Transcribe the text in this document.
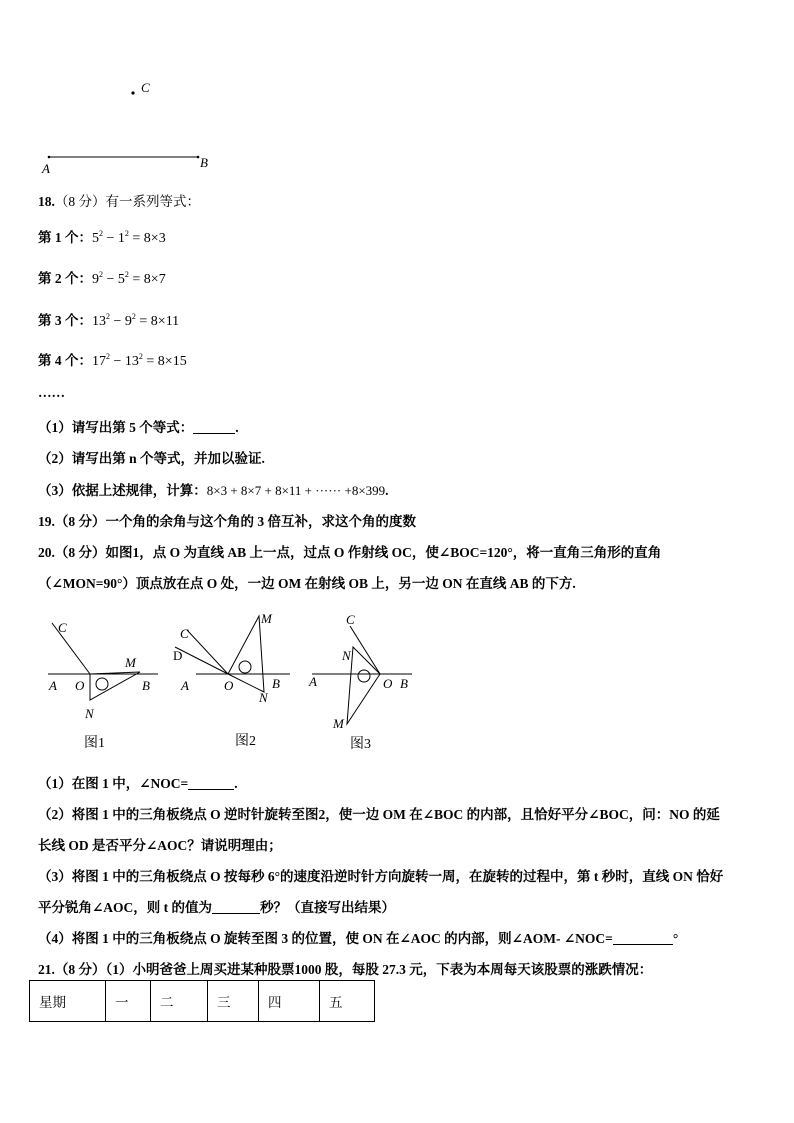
C
A	B
18.（8 分）有一系列等式：
第 1 个：$5^2 - 1^2 = 8\times 3$
第 2 个：$9^2 - 5^2 = 8\times 7$
第 3 个：$13^2 - 9^2 = 8\times 11$
第 4 个：$17^2 - 13^2 = 8\times 15$
……
（1）请写出第 5 个等式：	.
（2）请写出第 n 个等式，并加以验证.
（3）依据上述规律，计算：8×3 + 8×7 + 8×11 + ······ +8×399.
19.（8 分）一个角的余角与这个角的 3 倍互补，求这个角的度数
20.（8 分）如图1，点 O 为直线 AB 上一点，过点 O 作射线 OC，使∠BOC=120°，将一直角三角形的直角
（∠MON=90°）顶点放在点 O 处，一边 OM 在射线 OB 上，另一边 ON 在直线 AB 的下方.
C
M
A O	B
N
图1
C
D
M
A	O	B
N
图2
C
N
A	O B
M
图3
（1）在图 1 中，∠NOC=	.
（2）将图 1 中的三角板绕点 O 逆时针旋转至图2，使一边 OM 在∠BOC 的内部，且恰好平分∠BOC，问：NO 的延
长线 OD 是否平分∠AOC？请说明理由；
（3）将图 1 中的三角板绕点 O 按每秒 6°的速度沿逆时针方向旋转一周，在旋转的过程中，第 t 秒时，直线 ON 恰好
平分锐角∠AOC，则 t 的值为	秒？（直接写出结果）
（4）将图 1 中的三角板绕点 O 旋转至图 3 的位置，使 ON 在∠AOC 的内部，则∠AOM- ∠NOC=	°
21.（8 分）（1）小明爸爸上周买进某种股票1000 股，每股 27.3 元，下表为本周每天该股票的涨跌情况：
星期	一	二	三	四	五
